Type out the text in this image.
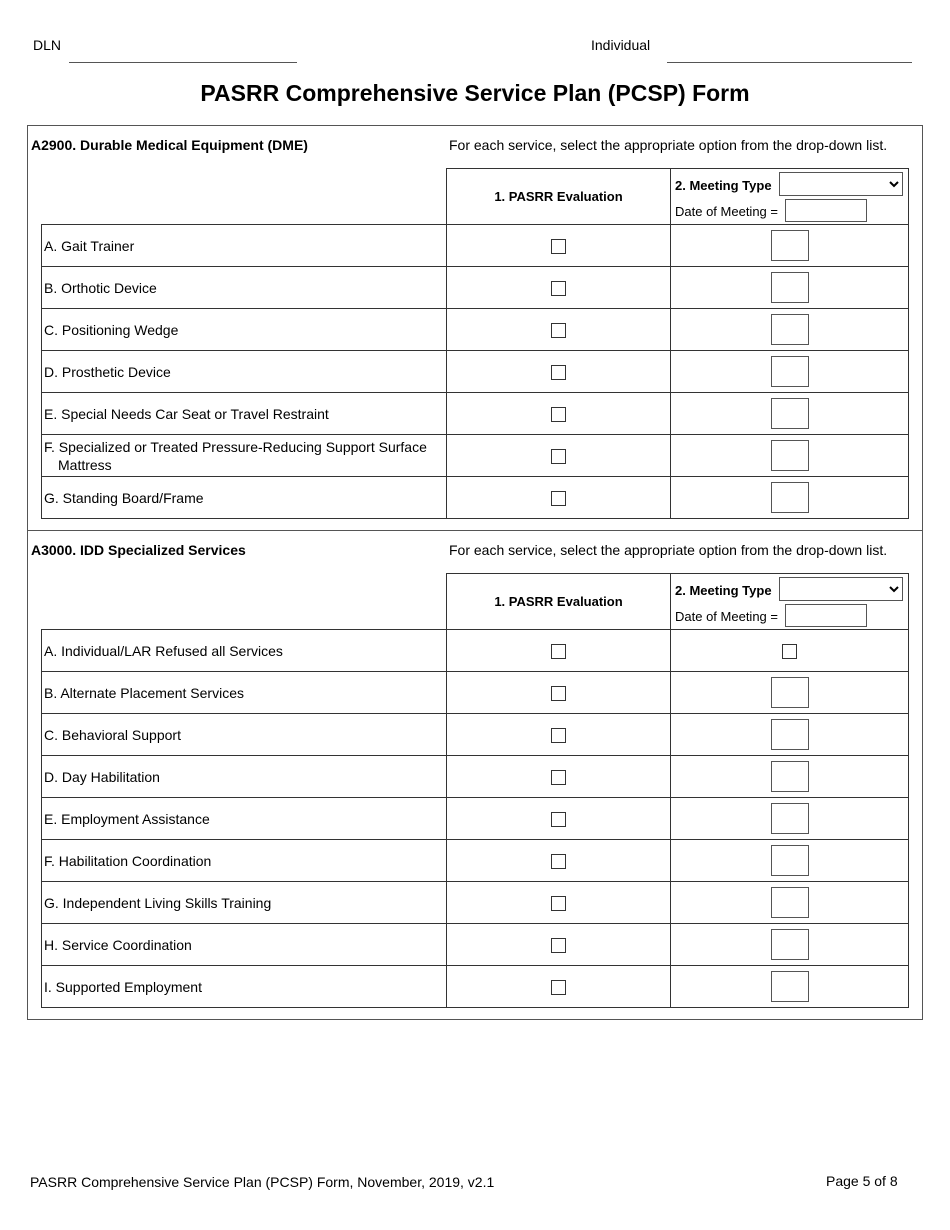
DLN	Individual
PASRR Comprehensive Service Plan (PCSP) Form
A2900. Durable Medical Equipment (DME)	For each service, select the appropriate option from the drop-down list.
	1. PASRR Evaluation	2. Meeting Type
Date of Meeting =

A. Gait Trainer		

B. Orthotic Device		

C. Positioning Wedge		

D. Prosthetic Device		

E. Special Needs Car Seat or Travel Restraint		

F. Specialized or Treated Pressure-Reducing Support Surface Mattress		

G. Standing Board/Frame		

A3000. IDD Specialized Services	For each service, select the appropriate option from the drop-down list.
	1. PASRR Evaluation	2. Meeting Type
Date of Meeting =

A. Individual/LAR Refused all Services		

B. Alternate Placement Services		

C. Behavioral Support		

D. Day Habilitation		

E. Employment Assistance		

F. Habilitation Coordination		

G. Independent Living Skills Training		

H. Service Coordination		

I. Supported Employment		

PASRR Comprehensive Service Plan (PCSP) Form, November, 2019, v2.1	Page 5 of 8
